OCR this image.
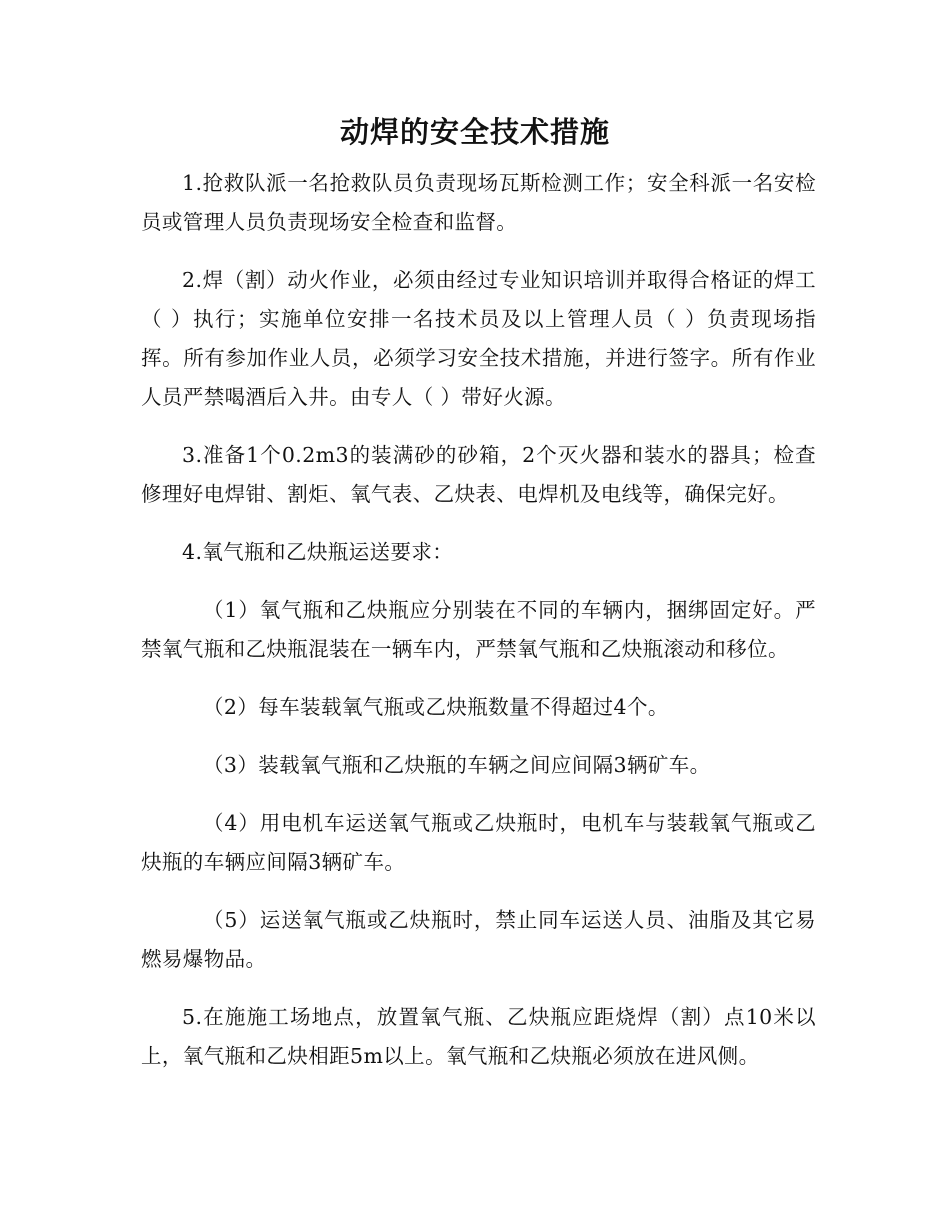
动焊的安全技术措施

1.抢救队派一名抢救队员负责现场瓦斯检测工作；安全科派一名安检员或管理人员负责现场安全检查和监督。

2.焊（割）动火作业，必须由经过专业知识培训并取得合格证的焊工（ ）执行；实施单位安排一名技术员及以上管理人员（ ）负责现场指挥。所有参加作业人员，必须学习安全技术措施，并进行签字。所有作业人员严禁喝酒后入井。由专人（ ）带好火源。

3.准备1个0.2m3的装满砂的砂箱，2个灭火器和装水的器具；检查修理好电焊钳、割炬、氧气表、乙炔表、电焊机及电线等，确保完好。

4.氧气瓶和乙炔瓶运送要求：

（1）氧气瓶和乙炔瓶应分别装在不同的车辆内，捆绑固定好。严禁氧气瓶和乙炔瓶混装在一辆车内，严禁氧气瓶和乙炔瓶滚动和移位。

（2）每车装载氧气瓶或乙炔瓶数量不得超过4个。

（3）装载氧气瓶和乙炔瓶的车辆之间应间隔3辆矿车。

（4）用电机车运送氧气瓶或乙炔瓶时，电机车与装载氧气瓶或乙炔瓶的车辆应间隔3辆矿车。

（5）运送氧气瓶或乙炔瓶时，禁止同车运送人员、油脂及其它易燃易爆物品。

5.在施施工场地点，放置氧气瓶、乙炔瓶应距烧焊（割）点10米以上，氧气瓶和乙炔相距5m以上。氧气瓶和乙炔瓶必须放在进风侧。
